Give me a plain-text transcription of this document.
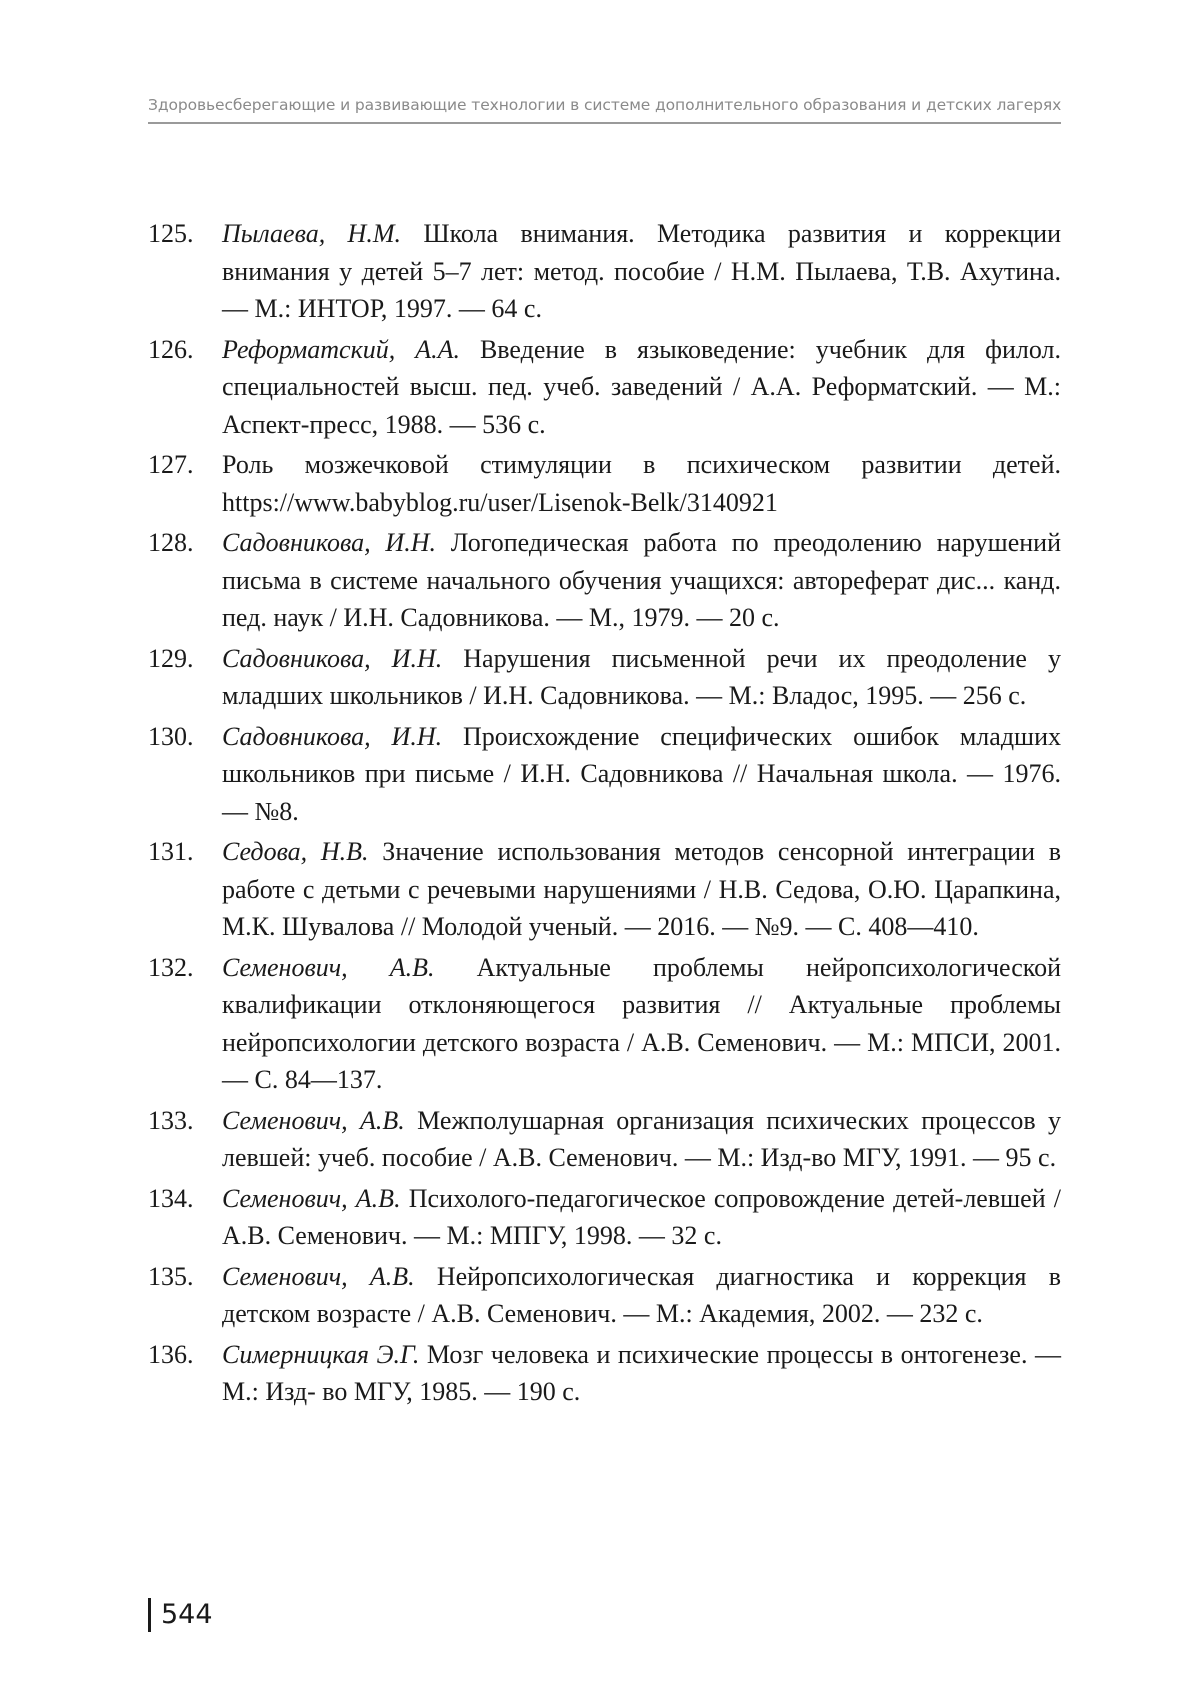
Здоровьесберегающие и развивающие технологии в системе дополнительного образования и детских лагерях
125. Пылаева, Н.М. Школа внимания. Методика развития и коррекции внимания у детей 5–7 лет: метод. пособие / Н.М. Пылаева, Т.В. Ахутина. — М.: ИНТОР, 1997. — 64 с.
126. Реформатский, А.А. Введение в языковедение: учебник для филол. специальностей высш. пед. учеб. заведений / А.А. Реформатский. — М.: Аспект-пресс, 1988. — 536 с.
127. Роль мозжечковой стимуляции в психическом развитии детей. https://www.babyblog.ru/user/Lisenok-Belk/3140921
128. Садовникова, И.Н. Логопедическая работа по преодолению нарушений письма в системе начального обучения учащихся: автореферат дис... канд. пед. наук / И.Н. Садовникова. — М., 1979. — 20 с.
129. Садовникова, И.Н. Нарушения письменной речи их преодоление у младших школьников / И.Н. Садовникова. — М.: Владос, 1995. — 256 с.
130. Садовникова, И.Н. Происхождение специфических ошибок младших школьников при письме / И.Н. Садовникова // Начальная школа. — 1976. — №8.
131. Седова, Н.В. Значение использования методов сенсорной интеграции в работе с детьми с речевыми нарушениями / Н.В. Седова, О.Ю. Царапкина, М.К. Шувалова // Молодой ученый. — 2016. — №9. — С. 408—410.
132. Семенович, А.В. Актуальные проблемы нейропсихологической квалификации отклоняющегося развития // Актуальные проблемы нейропсихологии детского возраста / А.В. Семенович. — М.: МПСИ, 2001. — С. 84—137.
133. Семенович, А.В. Межполушарная организация психических процессов у левшей: учеб. пособие / А.В. Семенович. — М.: Изд-во МГУ, 1991. — 95 с.
134. Семенович, А.В. Психолого-педагогическое сопровождение детей-левшей / А.В. Семенович. — М.: МПГУ, 1998. — 32 с.
135. Семенович, А.В. Нейропсихологическая диагностика и коррекция в детском возрасте / А.В. Семенович. — М.: Академия, 2002. — 232 с.
136. Симерницкая Э.Г. Мозг человека и психические процессы в онтогенезе. — М.: Изд- во МГУ, 1985. — 190 с.
544
